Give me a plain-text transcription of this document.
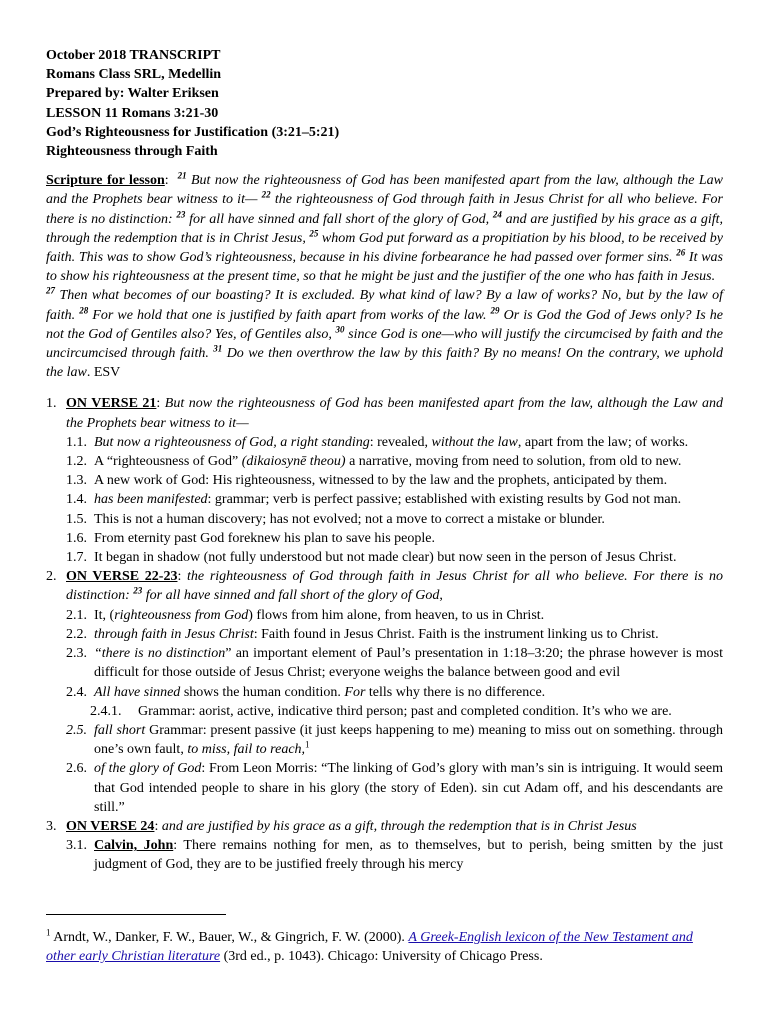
October 2018 TRANSCRIPT
Romans Class SRL, Medellin
Prepared by: Walter Eriksen
LESSON 11 Romans 3:21-30
God’s Righteousness for Justification (3:21–5:21)
Righteousness through Faith
Scripture for lesson: $^{21}$ But now the righteousness of God has been manifested apart from the law, although the Law and the Prophets bear witness to it— $^{22}$ the righteousness of God through faith in Jesus Christ for all who believe. For there is no distinction: $^{23}$ for all have sinned and fall short of the glory of God, $^{24}$ and are justified by his grace as a gift, through the redemption that is in Christ Jesus, $^{25}$ whom God put forward as a propitiation by his blood, to be received by faith. This was to show God’s righteousness, because in his divine forbearance he had passed over former sins. $^{26}$ It was to show his righteousness at the present time, so that he might be just and the justifier of the one who has faith in Jesus.
$^{27}$ Then what becomes of our boasting? It is excluded. By what kind of law? By a law of works? No, but by the law of faith. $^{28}$ For we hold that one is justified by faith apart from works of the law. $^{29}$ Or is God the God of Jews only? Is he not the God of Gentiles also? Yes, of Gentiles also, $^{30}$ since God is one—who will justify the circumcised by faith and the uncircumcised through faith. $^{31}$ Do we then overthrow the law by this faith? By no means! On the contrary, we uphold the law. ESV
1. ON VERSE 21: But now the righteousness of God has been manifested apart from the law, although the Law and the Prophets bear witness to it—
1.1. But now a righteousness of God, a right standing: revealed, without the law, apart from the law; of works.
1.2. A “righteousness of God” (dikaiosynē theou) a narrative, moving from need to solution, from old to new.
1.3. A new work of God: His righteousness, witnessed to by the law and the prophets, anticipated by them.
1.4. has been manifested: grammar; verb is perfect passive; established with existing results by God not man.
1.5. This is not a human discovery; has not evolved; not a move to correct a mistake or blunder.
1.6. From eternity past God foreknew his plan to save his people.
1.7. It began in shadow (not fully understood but not made clear) but now seen in the person of Jesus Christ.
2. ON VERSE 22-23: the righteousness of God through faith in Jesus Christ for all who believe. For there is no distinction: $^{23}$ for all have sinned and fall short of the glory of God,
2.1. It, (righteousness from God) flows from him alone, from heaven, to us in Christ.
2.2. through faith in Jesus Christ: Faith found in Jesus Christ. Faith is the instrument linking us to Christ.
2.3. “there is no distinction” an important element of Paul’s presentation in 1:18–3:20; the phrase however is most difficult for those outside of Jesus Christ; everyone weighs the balance between good and evil
2.4. All have sinned shows the human condition. For tells why there is no difference.
2.4.1. Grammar: aorist, active, indicative third person; past and completed condition. It’s who we are.
2.5. fall short Grammar: present passive (it just keeps happening to me) meaning to miss out on something. through one’s own fault, to miss, fail to reach,$^1$
2.6. of the glory of God: From Leon Morris: “The linking of God’s glory with man’s sin is intriguing. It would seem that God intended people to share in his glory (the story of Eden). sin cut Adam off, and his descendants are still.”
3. ON VERSE 24: and are justified by his grace as a gift, through the redemption that is in Christ Jesus
3.1. Calvin, John: There remains nothing for men, as to themselves, but to perish, being smitten by the just judgment of God, they are to be justified freely through his mercy
$^1$ Arndt, W., Danker, F. W., Bauer, W., & Gingrich, F. W. (2000). A Greek-English lexicon of the New Testament and other early Christian literature (3rd ed., p. 1043). Chicago: University of Chicago Press.
